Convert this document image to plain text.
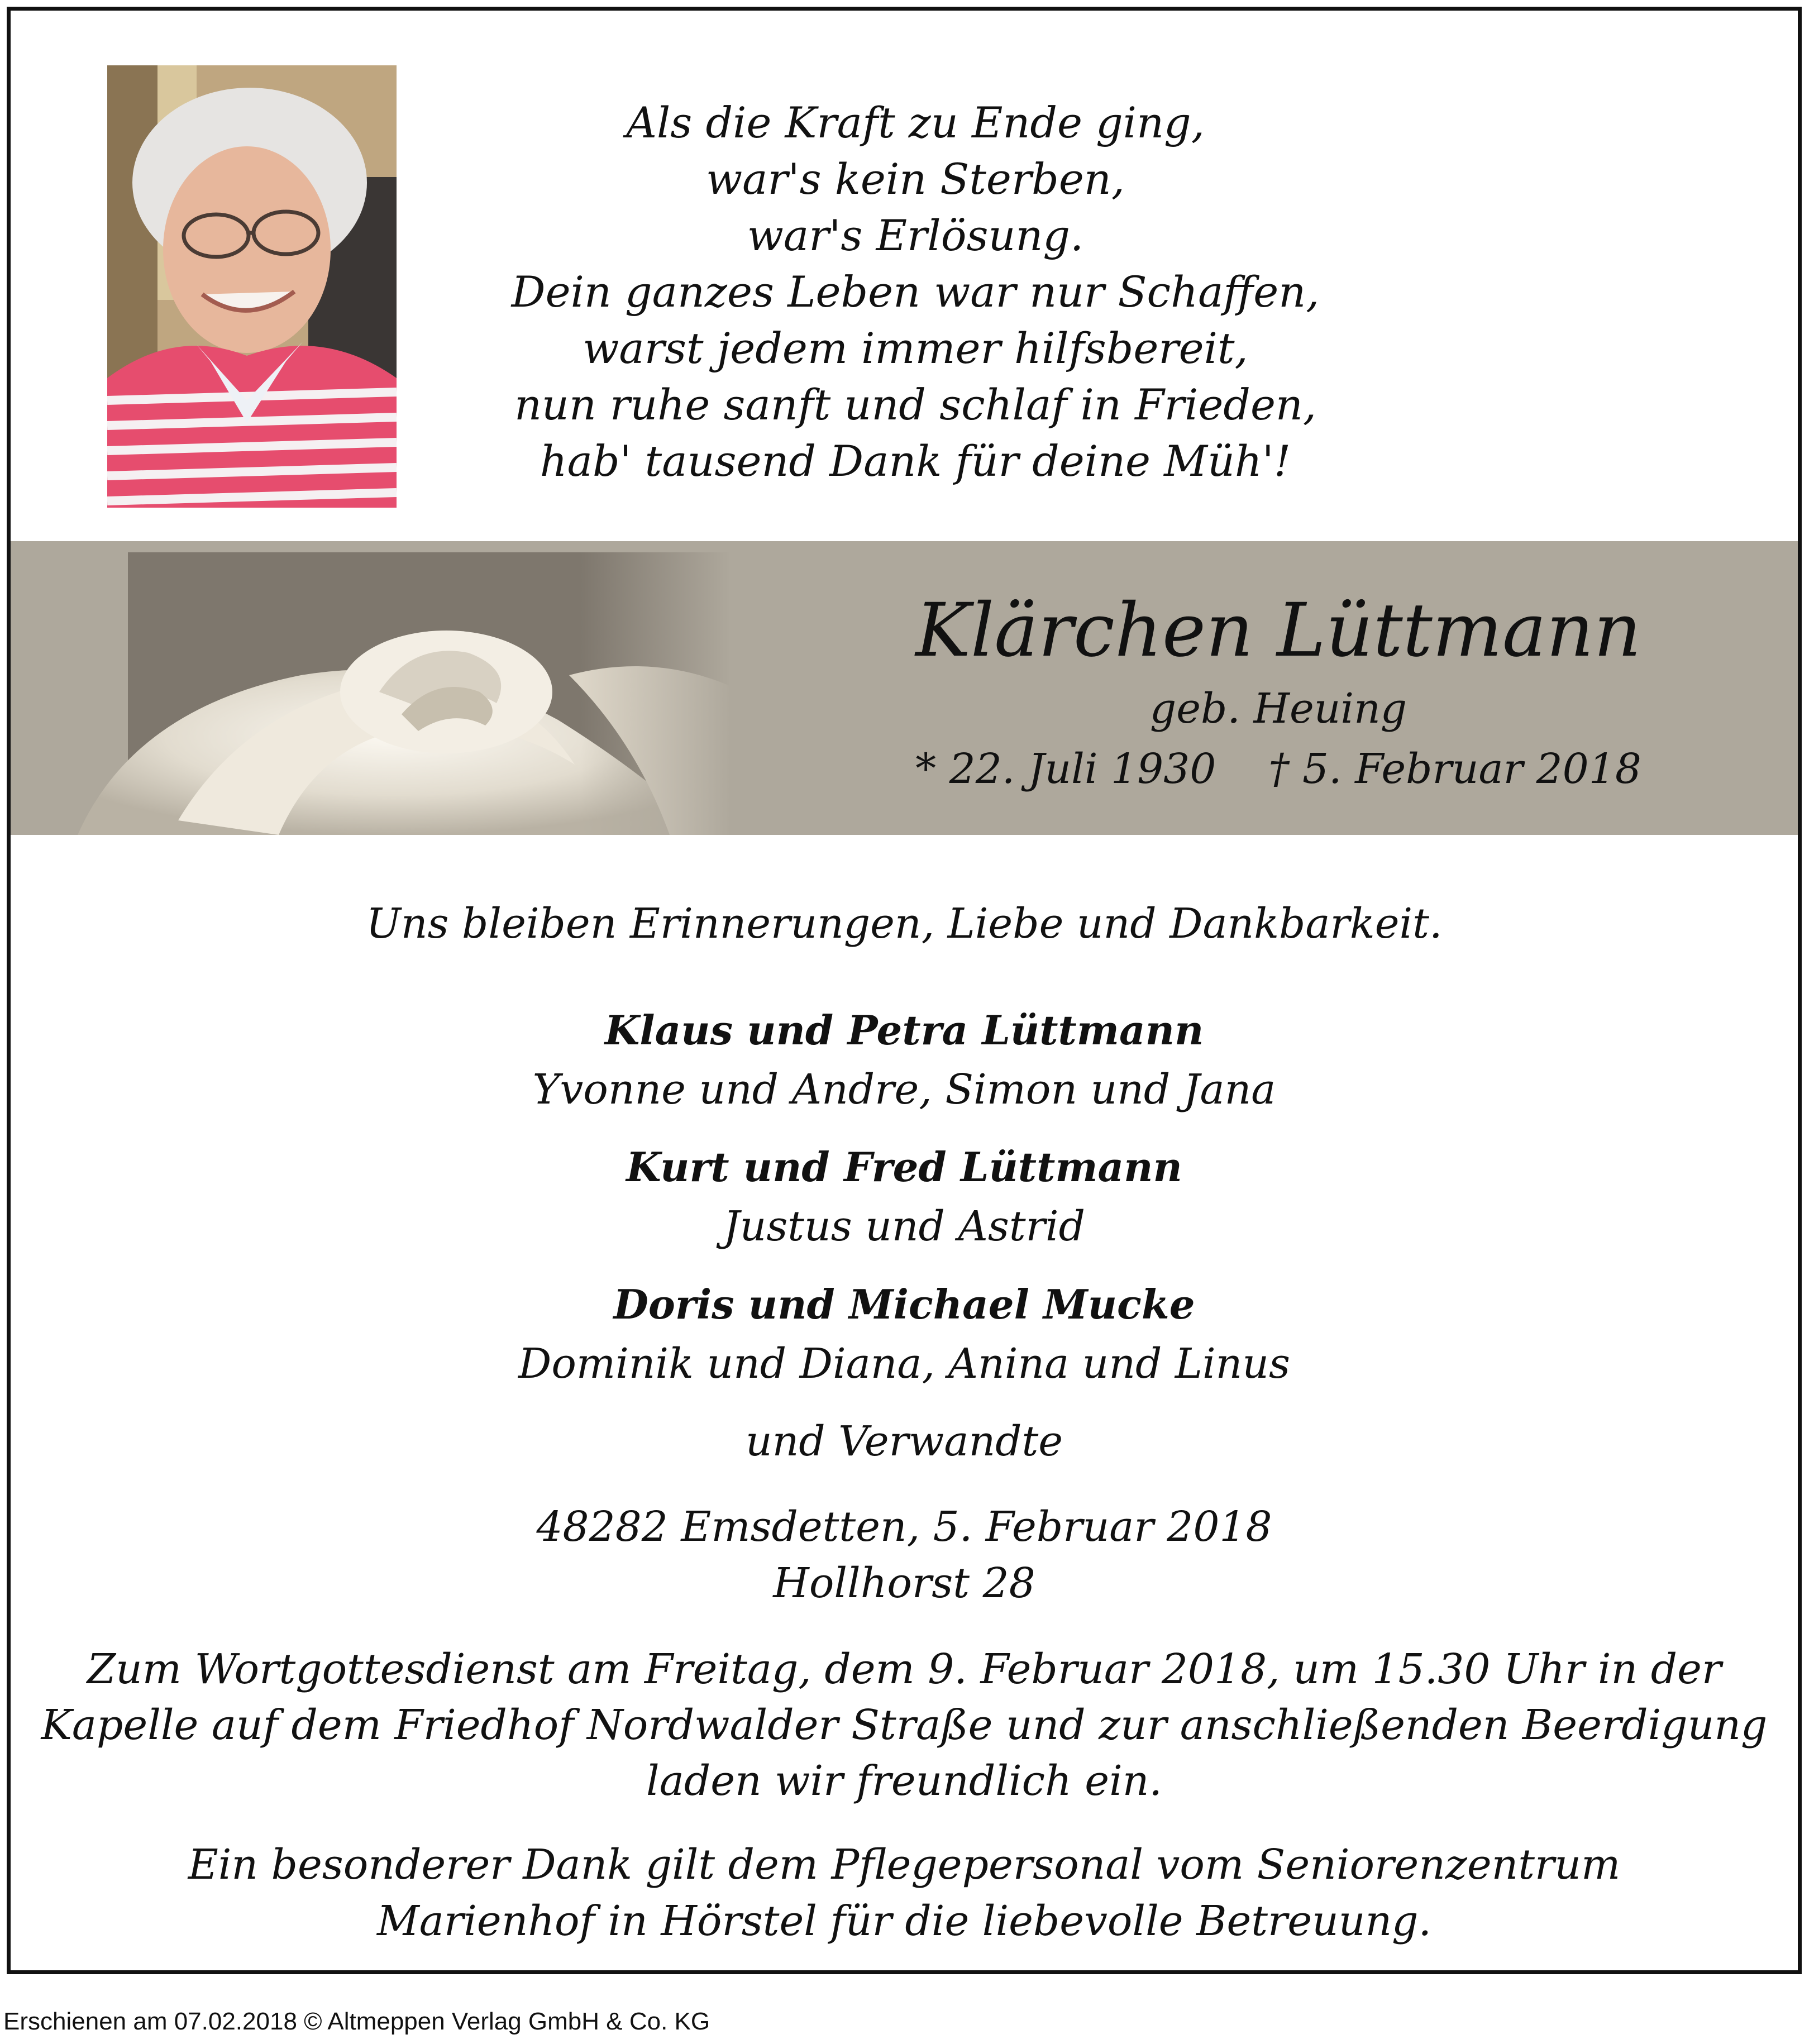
Als die Kraft zu Ende ging,
war's kein Sterben,
war's Erlösung.
Dein ganzes Leben war nur Schaffen,
warst jedem immer hilfsbereit,
nun ruhe sanft und schlaf in Frieden,
hab' tausend Dank für deine Müh'!
Klärchen Lüttmann
geb. Heuing
* 22. Juli 1930    † 5. Februar 2018
Uns bleiben Erinnerungen, Liebe und Dankbarkeit.
Klaus und Petra Lüttmann
Yvonne und Andre, Simon und Jana
Kurt und Fred Lüttmann
Justus und Astrid
Doris und Michael Mucke
Dominik und Diana, Anina und Linus
und Verwandte
48282 Emsdetten, 5. Februar 2018
Hollhorst 28
Zum Wortgottesdienst am Freitag, dem 9. Februar 2018, um 15.30 Uhr in der
Kapelle auf dem Friedhof Nordwalder Straße und zur anschließenden Beerdigung
laden wir freundlich ein.
Ein besonderer Dank gilt dem Pflegepersonal vom Seniorenzentrum
Marienhof in Hörstel für die liebevolle Betreuung.
Erschienen am 07.02.2018 © Altmeppen Verlag GmbH & Co. KG
